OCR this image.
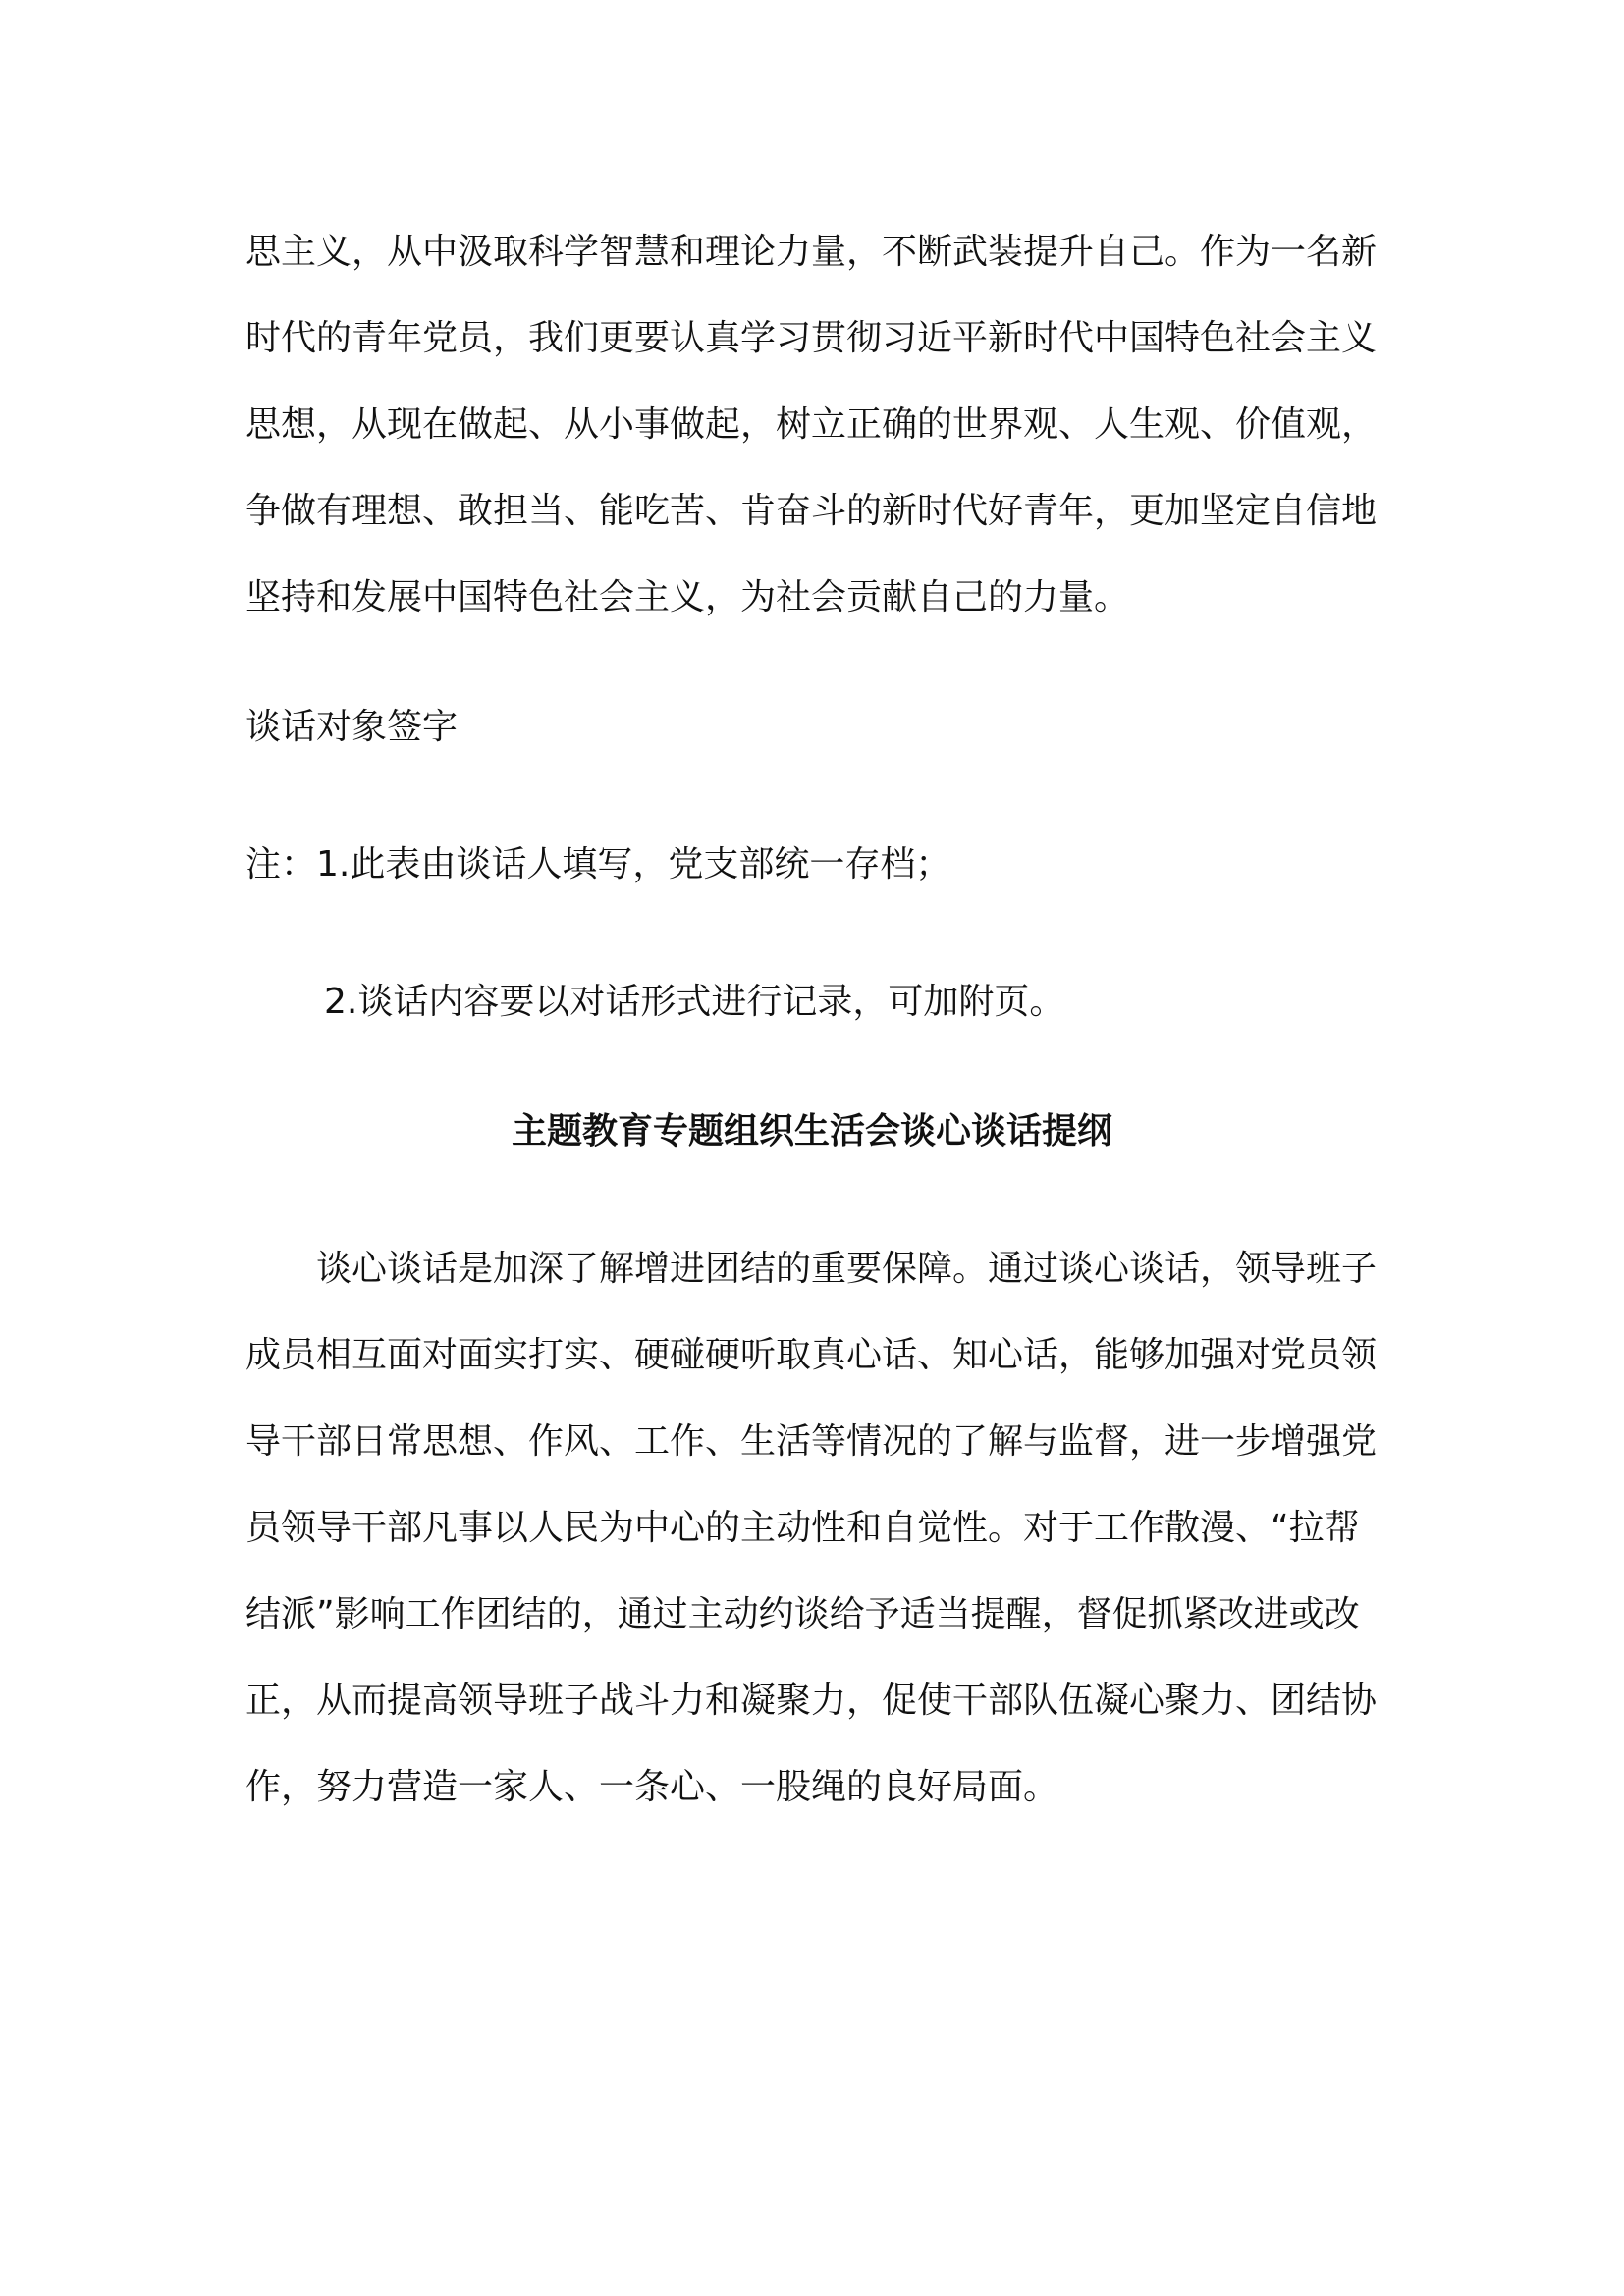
思主义，从中汲取科学智慧和理论力量，不断武装提升自己。作为一名新
时代的青年党员，我们更要认真学习贯彻习近平新时代中国特色社会主义
思想，从现在做起、从小事做起，树立正确的世界观、人生观、价值观，
争做有理想、敢担当、能吃苦、肯奋斗的新时代好青年，更加坚定自信地
坚持和发展中国特色社会主义，为社会贡献自己的力量。
谈话对象签字
注：1.此表由谈话人填写，党支部统一存档；
2.谈话内容要以对话形式进行记录，可加附页。
主题教育专题组织生活会谈心谈话提纲
谈心谈话是加深了解增进团结的重要保障。通过谈心谈话，领导班子
成员相互面对面实打实、硬碰硬听取真心话、知心话，能够加强对党员领
导干部日常思想、作风、工作、生活等情况的了解与监督，进一步增强党
员领导干部凡事以人民为中心的主动性和自觉性。对于工作散漫、“拉帮
结派”影响工作团结的，通过主动约谈给予适当提醒，督促抓紧改进或改
正，从而提高领导班子战斗力和凝聚力，促使干部队伍凝心聚力、团结协
作，努力营造一家人、一条心、一股绳的良好局面。
